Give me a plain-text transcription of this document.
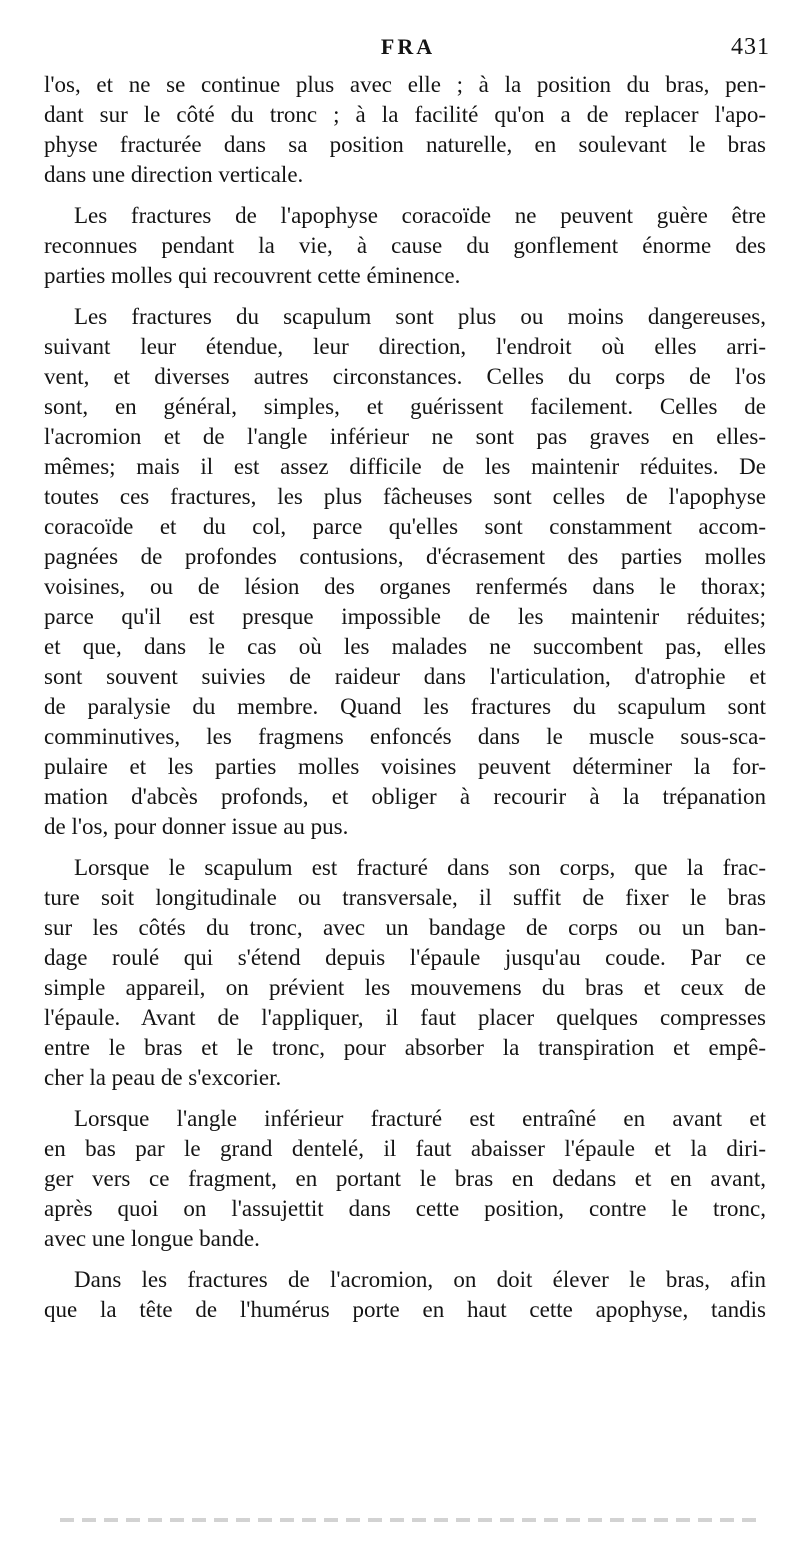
FRA	431
l'os, et ne se continue plus avec elle ; à la position du bras, pen-
dant sur le côté du tronc ; à la facilité qu'on a de replacer l'apo-
physe fracturée dans sa position naturelle, en soulevant le bras
dans une direction verticale.
Les fractures de l'apophyse coracoïde ne peuvent guère être
reconnues pendant la vie, à cause du gonflement énorme des
parties molles qui recouvrent cette éminence.
Les fractures du scapulum sont plus ou moins dangereuses,
suivant leur étendue, leur direction, l'endroit où elles arri-
vent, et diverses autres circonstances. Celles du corps de l'os
sont, en général, simples, et guérissent facilement. Celles de
l'acromion et de l'angle inférieur ne sont pas graves en elles-
mêmes; mais il est assez difficile de les maintenir réduites. De
toutes ces fractures, les plus fâcheuses sont celles de l'apophyse
coracoïde et du col, parce qu'elles sont constamment accom-
pagnées de profondes contusions, d'écrasement des parties molles
voisines, ou de lésion des organes renfermés dans le thorax;
parce qu'il est presque impossible de les maintenir réduites;
et que, dans le cas où les malades ne succombent pas, elles
sont souvent suivies de raideur dans l'articulation, d'atrophie et
de paralysie du membre. Quand les fractures du scapulum sont
comminutives, les fragmens enfoncés dans le muscle sous-sca-
pulaire et les parties molles voisines peuvent déterminer la for-
mation d'abcès profonds, et obliger à recourir à la trépanation
de l'os, pour donner issue au pus.
Lorsque le scapulum est fracturé dans son corps, que la frac-
ture soit longitudinale ou transversale, il suffit de fixer le bras
sur les côtés du tronc, avec un bandage de corps ou un ban-
dage roulé qui s'étend depuis l'épaule jusqu'au coude. Par ce
simple appareil, on prévient les mouvemens du bras et ceux de
l'épaule. Avant de l'appliquer, il faut placer quelques compresses
entre le bras et le tronc, pour absorber la transpiration et empê-
cher la peau de s'excorier.
Lorsque l'angle inférieur fracturé est entraîné en avant et
en bas par le grand dentelé, il faut abaisser l'épaule et la diri-
ger vers ce fragment, en portant le bras en dedans et en avant,
après quoi on l'assujettit dans cette position, contre le tronc,
avec une longue bande.
Dans les fractures de l'acromion, on doit élever le bras, afin
que la tête de l'humérus porte en haut cette apophyse, tandis
